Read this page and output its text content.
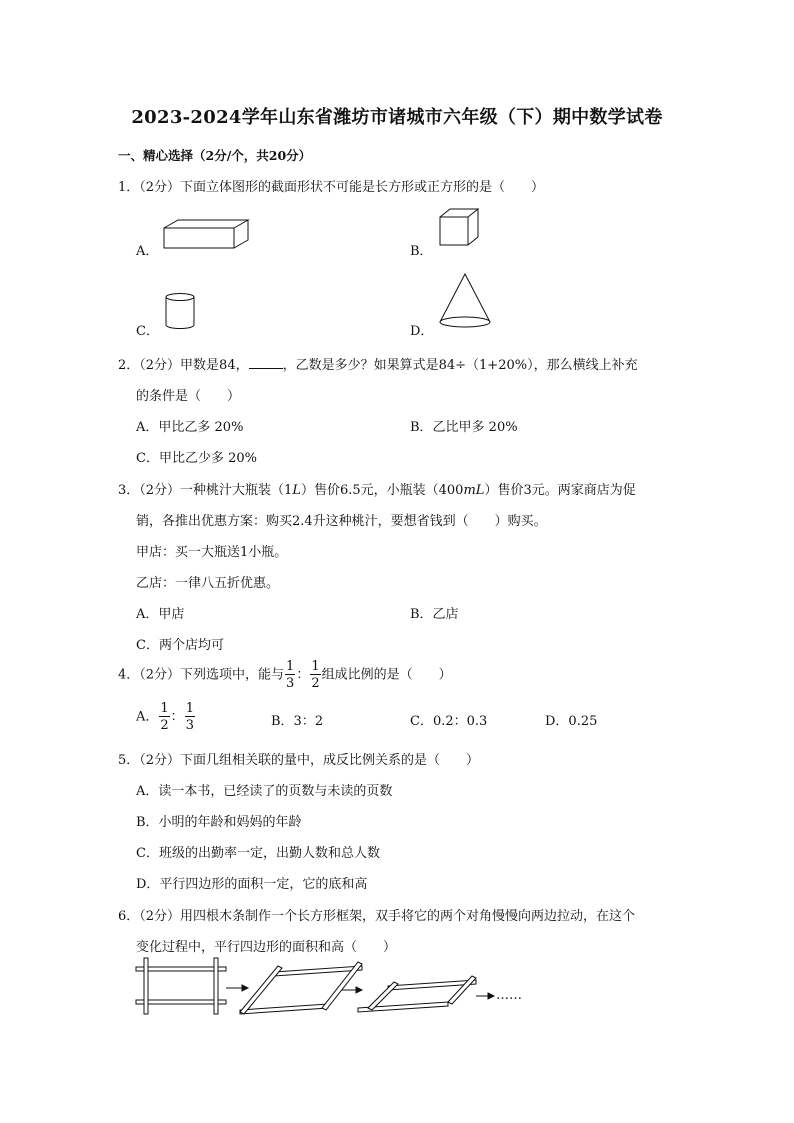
2023-2024学年山东省潍坊市诸城市六年级（下）期中数学试卷
一、精心选择（2分/个，共20分）
1．（2分）下面立体图形的截面形状不可能是长方形或正方形的是（　　）
A．	B．
C．	D．
2．（2分）甲数是84，	，乙数是多少？如果算式是84÷（1+20%），那么横线上补充
的条件是（　　）
A．甲比乙多 20%	B．乙比甲多 20%
C．甲比乙少多 20%
3．（2分）一种桃汁大瓶装（1L）售价6.5元，小瓶装（400mL）售价3元。两家商店为促
销，各推出优惠方案：购买2.4升这种桃汁，要想省钱到（　　）购买。
甲店：买一大瓶送1小瓶。
乙店：一律八五折优惠。
A．甲店	B．乙店
C．两个店均可
4．（2分）下列选项中，能与 $\frac{1}{3}$ ： $\frac{1}{2}$ 组成比例的是（　　）
A． $\frac{1}{2}$ ： $\frac{1}{3}$	B．3：2	C．0.2：0.3	D．0.25
5．（2分）下面几组相关联的量中，成反比例关系的是（　　）
A．读一本书，已经读了的页数与未读的页数
B．小明的年龄和妈妈的年龄
C．班级的出勤率一定，出勤人数和总人数
D．平行四边形的面积一定，它的底和高
6．（2分）用四根木条制作一个长方形框架，双手将它的两个对角慢慢向两边拉动，在这个
变化过程中，平行四边形的面积和高（　　）
……
